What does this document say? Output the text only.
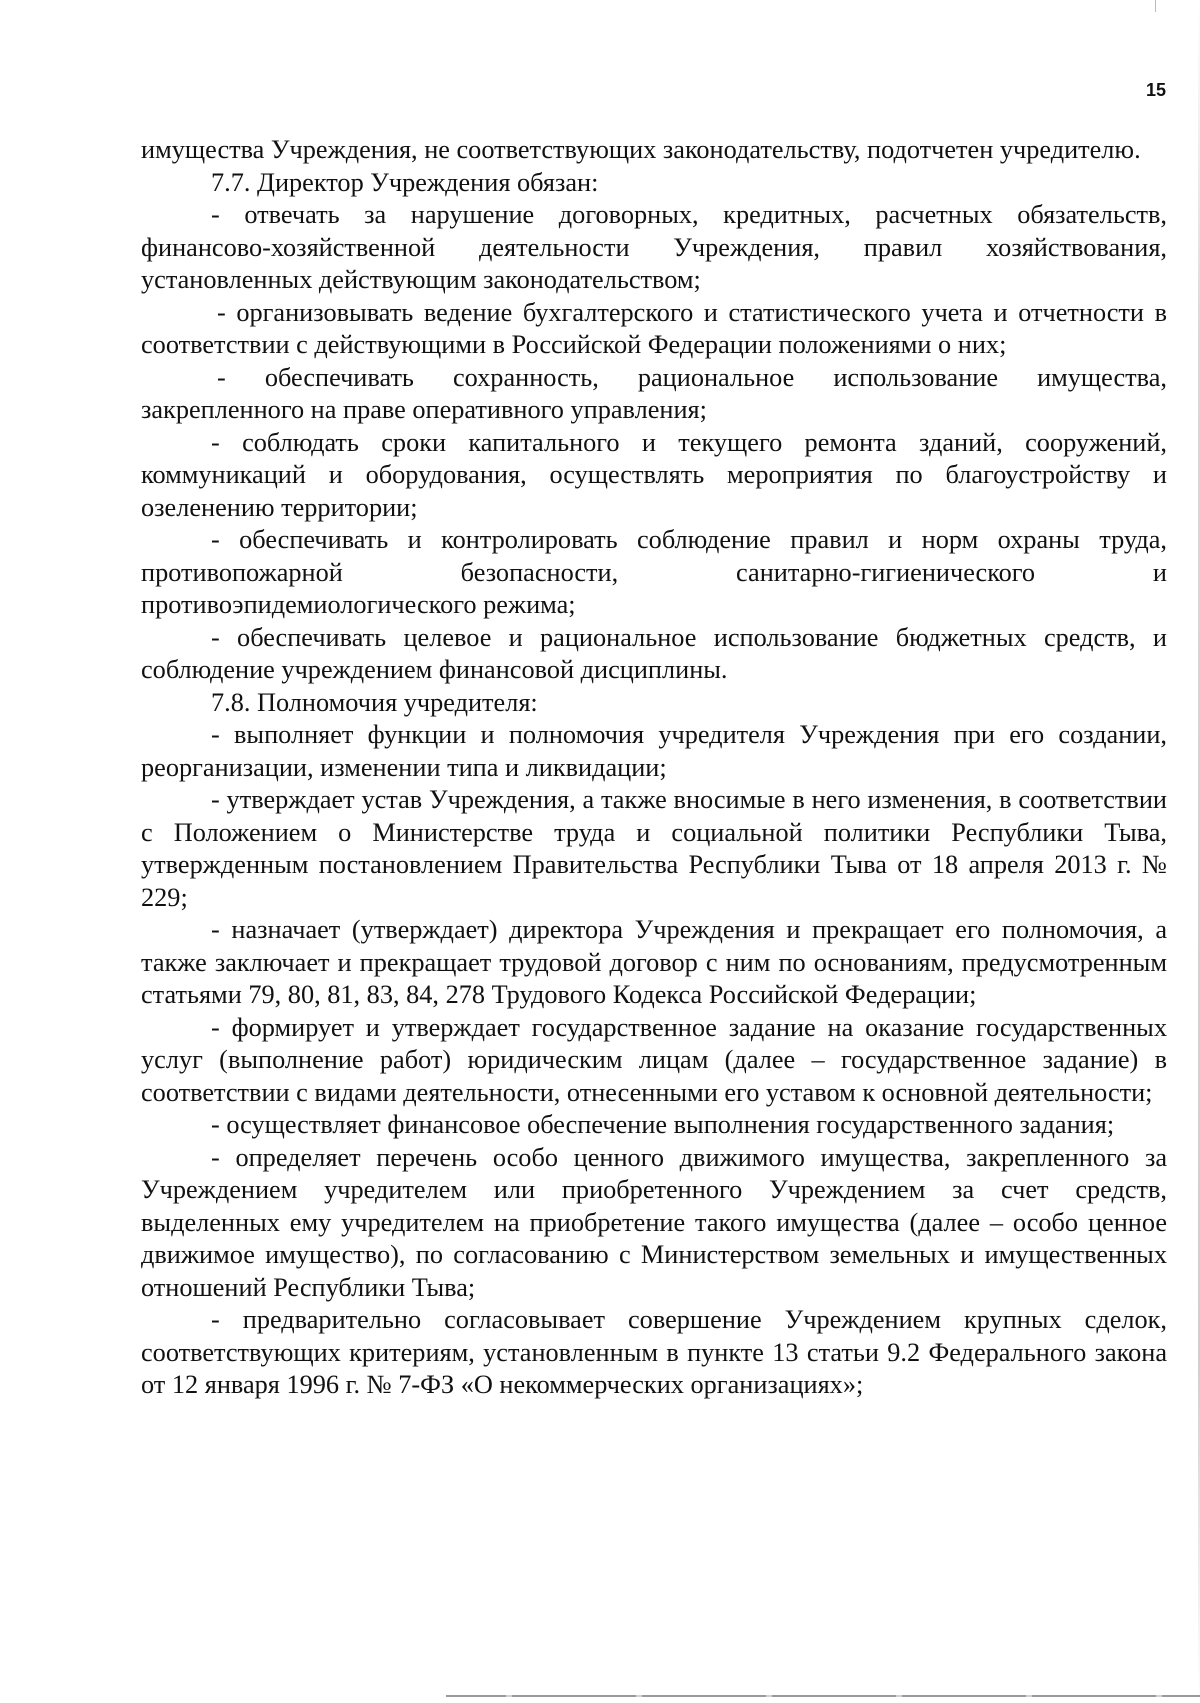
15

имущества Учреждения, не соответствующих законодательству, подотчетен учредителю.

7.7. Директор Учреждения обязан:

- отвечать за нарушение договорных, кредитных, расчетных обязательств, финансово-хозяйственной деятельности Учреждения, правил хозяйствования, установленных действующим законодательством;

- организовывать ведение бухгалтерского и статистического учета и отчетности в соответствии с действующими в Российской Федерации положениями о них;

- обеспечивать сохранность, рациональное использование имущества, закрепленного на праве оперативного управления;

- соблюдать сроки капитального и текущего ремонта зданий, сооружений, коммуникаций и оборудования, осуществлять мероприятия по благоустройству и озеленению территории;

- обеспечивать и контролировать соблюдение правил и норм охраны труда, противопожарной безопасности, санитарно-гигиенического и противоэпидемиологического режима;

- обеспечивать целевое и рациональное использование бюджетных средств, и соблюдение учреждением финансовой дисциплины.

7.8. Полномочия учредителя:

- выполняет функции и полномочия учредителя Учреждения при его создании, реорганизации, изменении типа и ликвидации;

- утверждает устав Учреждения, а также вносимые в него изменения, в соответствии с Положением о Министерстве труда и социальной политики Республики Тыва, утвержденным постановлением Правительства Республики Тыва от 18 апреля 2013 г. № 229;

- назначает (утверждает) директора Учреждения и прекращает его полномочия, а также заключает и прекращает трудовой договор с ним по основаниям, предусмотренным статьями 79, 80, 81, 83, 84, 278 Трудового Кодекса Российской Федерации;

- формирует и утверждает государственное задание на оказание государственных услуг (выполнение работ) юридическим лицам (далее – государственное задание) в соответствии с видами деятельности, отнесенными его уставом к основной деятельности;

- осуществляет финансовое обеспечение выполнения государственного задания;

- определяет перечень особо ценного движимого имущества, закрепленного за Учреждением учредителем или приобретенного Учреждением за счет средств, выделенных ему учредителем на приобретение такого имущества (далее – особо ценное движимое имущество), по согласованию с Министерством земельных и имущественных отношений Республики Тыва;

- предварительно согласовывает совершение Учреждением крупных сделок, соответствующих критериям, установленным в пункте 13 статьи 9.2 Федерального закона от 12 января 1996 г. № 7-ФЗ «О некоммерческих организациях»;
